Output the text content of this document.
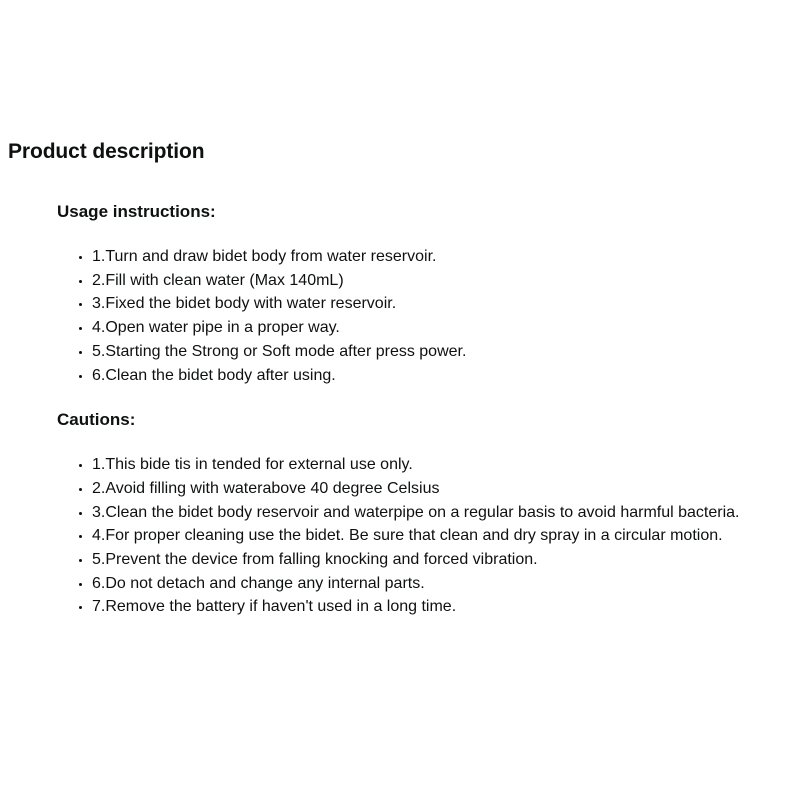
Product description
Usage instructions:
• 1.Turn and draw bidet body from water reservoir.
• 2.Fill with clean water (Max 140mL)
• 3.Fixed the bidet body with water reservoir.
• 4.Open water pipe in a proper way.
• 5.Starting the Strong or Soft mode after press power.
• 6.Clean the bidet body after using.
Cautions:
• 1.This bide tis in tended for external use only.
• 2.Avoid filling with waterabove 40 degree Celsius
• 3.Clean the bidet body reservoir and waterpipe on a regular basis to avoid harmful bacteria.
• 4.For proper cleaning use the bidet. Be sure that clean and dry spray in a circular motion.
• 5.Prevent the device from falling knocking and forced vibration.
• 6.Do not detach and change any internal parts.
• 7.Remove the battery if haven't used in a long time.
